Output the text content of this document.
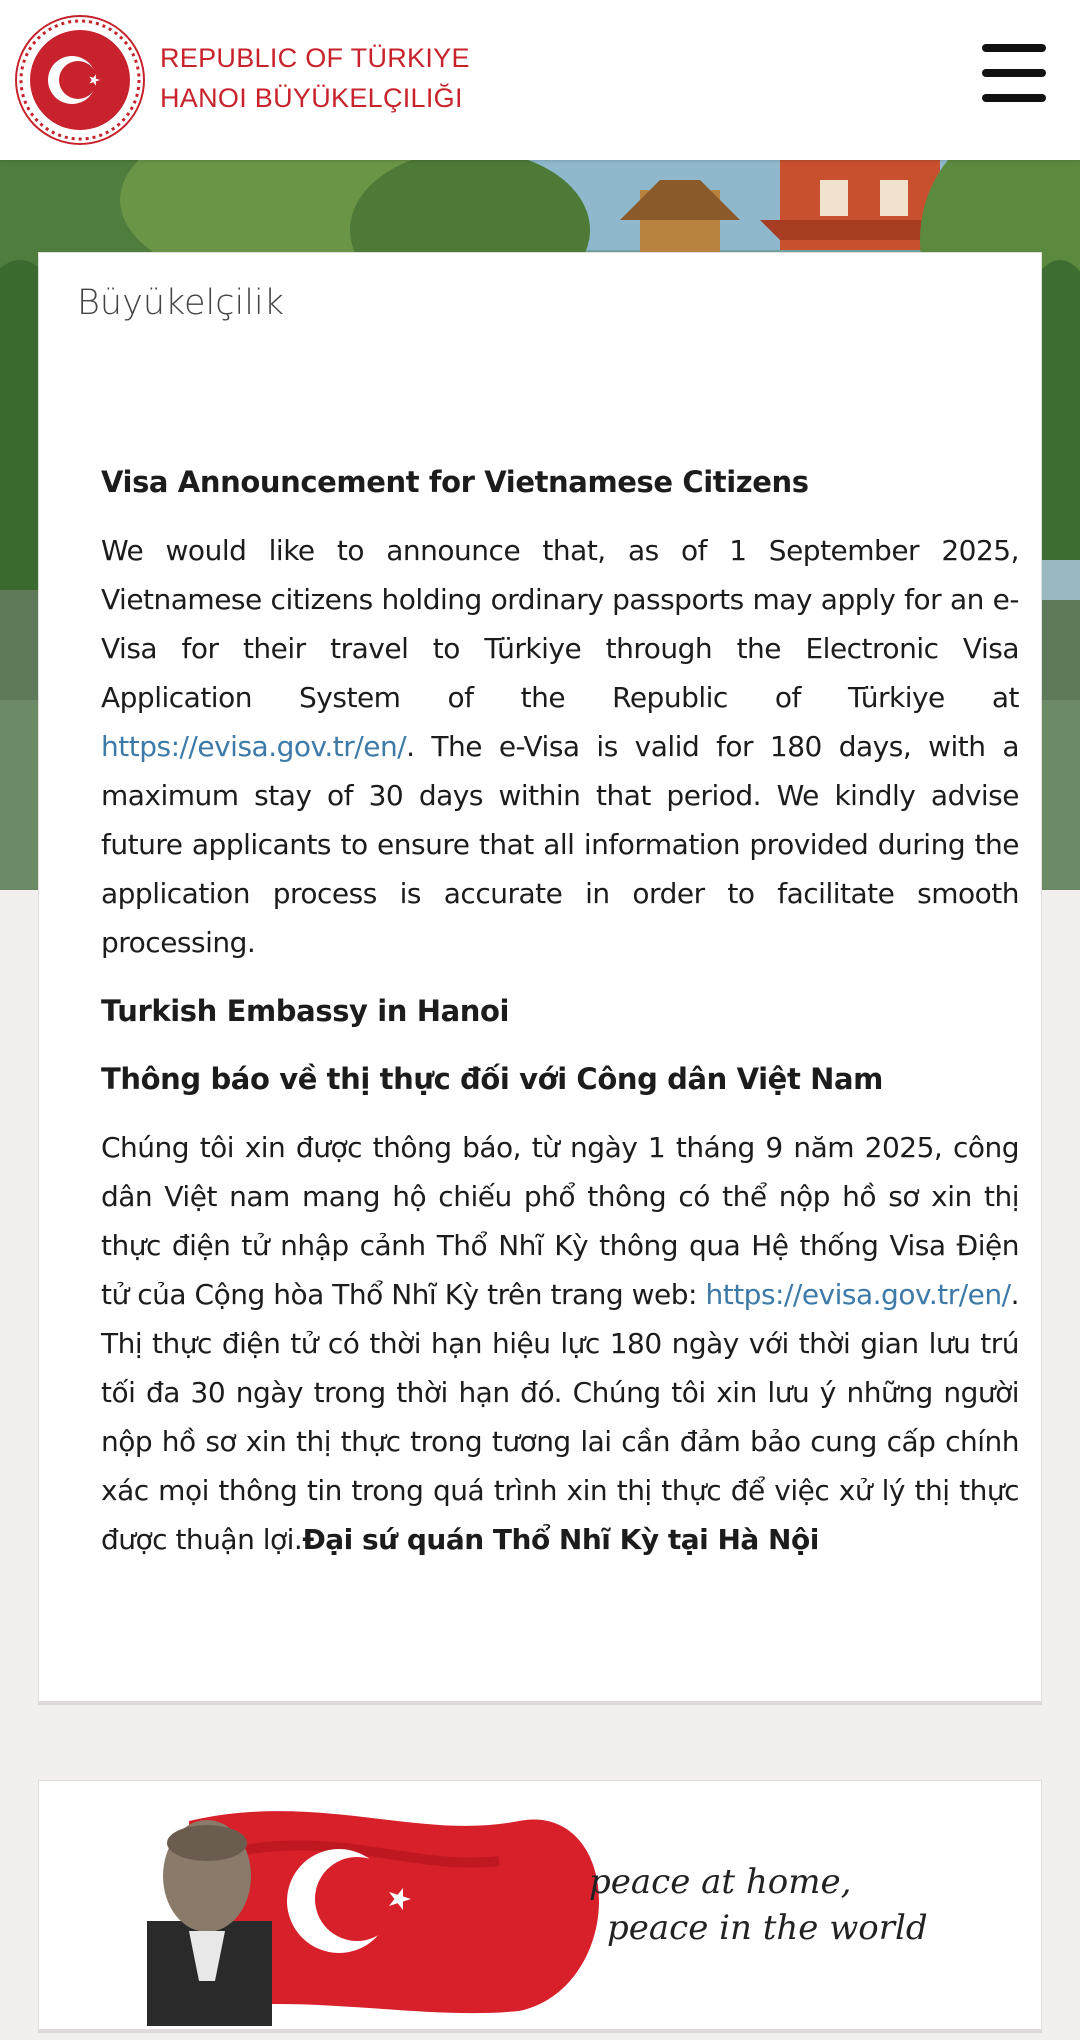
REPUBLIC OF TÜRKIYE
HANOI BÜYÜKELÇILIĞI
Büyükelçilik
Visa Announcement for Vietnamese Citizens

We would like to announce that, as of 1 September 2025, Vietnamese citizens holding ordinary passports may apply for an e-Visa for their travel to Türkiye through the Electronic Visa Application System of the Republic of Türkiye at https://evisa.gov.tr/en/. The e-Visa is valid for 180 days, with a maximum stay of 30 days within that period. We kindly advise future applicants to ensure that all information provided during the application process is accurate in order to facilitate smooth processing.

Turkish Embassy in Hanoi
Thông báo về thị thực đối với Công dân Việt Nam

Chúng tôi xin được thông báo, từ ngày 1 tháng 9 năm 2025, công dân Việt nam mang hộ chiếu phổ thông có thể nộp hồ sơ xin thị thực điện tử nhập cảnh Thổ Nhĩ Kỳ thông qua Hệ thống Visa Điện tử của Cộng hòa Thổ Nhĩ Kỳ trên trang web: https://evisa.gov.tr/en/. Thị thực điện tử có thời hạn hiệu lực 180 ngày với thời gian lưu trú tối đa 30 ngày trong thời hạn đó. Chúng tôi xin lưu ý những người nộp hồ sơ xin thị thực trong tương lai cần đảm bảo cung cấp chính xác mọi thông tin trong quá trình xin thị thực để việc xử lý thị thực được thuận lợi.Đại sứ quán Thổ Nhĩ Kỳ tại Hà Nội

peace at home,
peace in the world
